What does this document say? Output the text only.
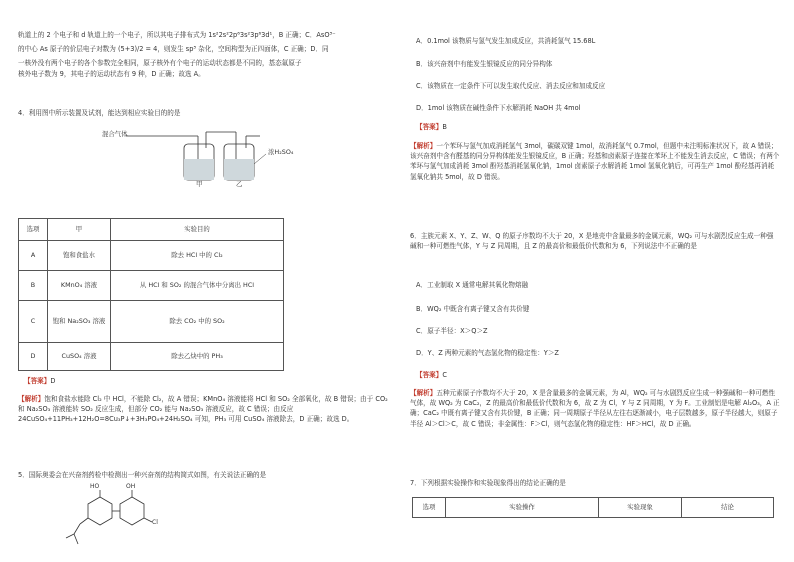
轨道上的 2 个电子和 d 轨道上的一个电子，所以其电子排布式为 1s²2s²2p⁶3s²3p⁶3d¹，B 正确；C．AsO³⁻

的中心 As 原子的价层电子对数为 (5+3)/2 = 4，则发生 sp³ 杂化，空间构型为正四面体，C 正确；D．同

一核外没有两个电子的各个参数完全相同，原子核外有个电子的运动状态都是不同的，基态氟原子

核外电子数为 9，其电子的运动状态有 9 种，D 正确；故选 A。

4．利用图中所示装置及试剂，能达到相应实验目的的是

混合气体
浓H₂SO₄
甲	乙
选项	甲	实验目的
A	饱和食盐水	除去 HCl 中的 Cl₂
B	KMnO₄ 溶液	从 HCl 和 SO₂ 的混合气体中分离出 HCl
C	饱和 Na₂SO₃ 溶液	除去 CO₂ 中的 SO₂
D	CuSO₄ 溶液	除去乙炔中的 PH₃

【答案】D

【解析】饱和食盐水能除 Cl₂ 中 HCl，不能除 Cl₂，故 A 错误；KMnO₄ 溶液能将 HCl 和 SO₂ 全部氧化，故 B 错误；由于 CO₂ 和 Na₂SO₃ 溶液能转 SO₂ 反应生成，但部分 CO₂ 能与 Na₂SO₃ 溶液反应，故 C 错误；由反应 24CuSO₄+11PH₃+12H₂O=8Cu₃P↓+3H₃PO₄+24H₂SO₄ 可知，PH₃ 可用 CuSO₄ 溶液除去，D 正确；故选 D。

5．国际奥委会在兴奋剂药检中检测出一种兴奋剂的结构简式如图，有关说法正确的是

HO	OH
Cl

A．0.1mol 该物质与氢气发生加成反应，共消耗氢气 15.68L

B．该兴奋剂中有能发生银镜反应的同分异构体

C．该物质在一定条件下可以发生取代反应、消去反应和加成反应

D．1mol 该物质在碱性条件下水解消耗 NaOH 共 4mol

【答案】B

【解析】一个苯环与氢气加成消耗氢气 3mol，碳碳双键 1mol，故消耗氢气 0.7mol，但题中未注明标准状况下，故 A 错误；该兴奋剂中含有醛基的同分异构体能发生银镜反应，B 正确；羟基和卤素原子连接在苯环上不能发生消去反应，C 错误；有两个苯环与氢气加成消耗 3mol 酚羟基消耗氢氧化钠，1mol 卤素原子水解消耗 1mol 氢氧化钠后，可再生产 1mol 酚羟基再消耗氢氧化钠共 5mol，故 D 错误。

6．主族元素 X、Y、Z、W、Q 的原子序数均不大于 20，X 是地壳中含量最多的金属元素，WQ₂ 可与水剧烈反应生成一种强碱和一种可燃性气体，Y 与 Z 同周期，且 Z 的最高价和最低价代数和为 6，下列说法中不正确的是

A．工业制取 X 通常电解其氧化物熔融

B．WQ₂ 中既含有离子键又含有共价键

C．原子半径：X＞Q＞Z

D．Y、Z 两种元素的气态氢化物的稳定性：Y＞Z

【答案】C

【解析】五种元素原子序数均不大于 20，X 是含量最多的金属元素，为 Al，WQ₂ 可与水剧烈反应生成一种强碱和一种可燃性气体，故 WQ₂ 为 CaC₂，Z 的最高价和最低价代数和为 6，故 Z 为 Cl，Y 与 Z 同周期，Y 为 F。工业制铝是电解 Al₂O₃，A 正确；CaC₂ 中既有离子键又含有共价键，B 正确；同一周期原子半径从左往右逐渐减小，电子层数越多，原子半径越大，则原子半径 Al＞Cl＞C，故 C 错误；非金属性：F＞Cl，则气态氢化物的稳定性：HF＞HCl，故 D 正确。

7．下列根据实验操作和实验现象得出的结论正确的是

选项	实验操作	实验现象	结论
